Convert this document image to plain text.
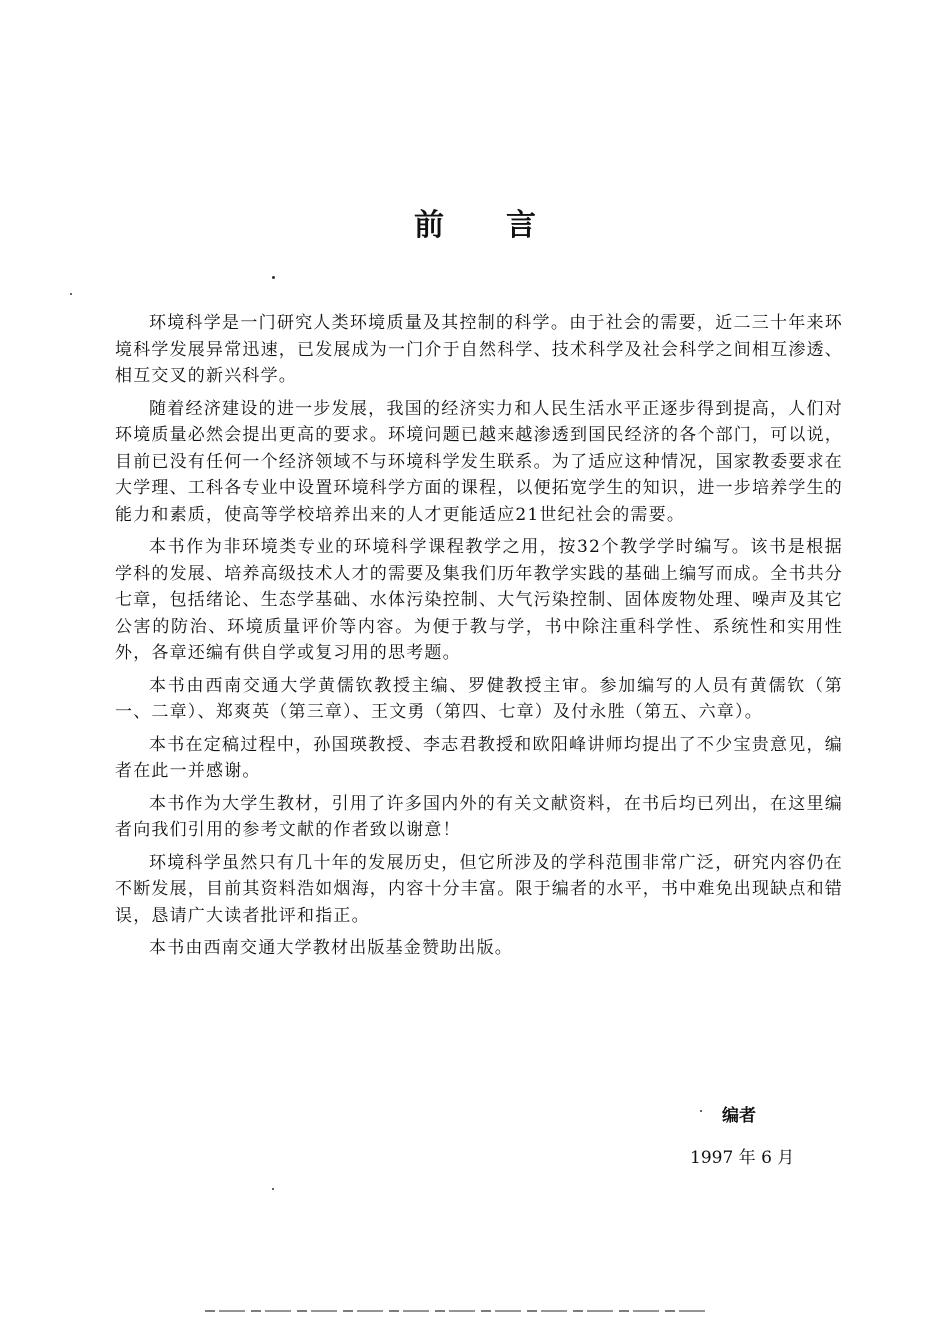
前言

环境科学是一门研究人类环境质量及其控制的科学。由于社会的需要，近二三十年来环境科学发展异常迅速，已发展成为一门介于自然科学、技术科学及社会科学之间相互渗透、相互交叉的新兴科学。

随着经济建设的进一步发展，我国的经济实力和人民生活水平正逐步得到提高，人们对环境质量必然会提出更高的要求。环境问题已越来越渗透到国民经济的各个部门，可以说，目前已没有任何一个经济领域不与环境科学发生联系。为了适应这种情况，国家教委要求在大学理、工科各专业中设置环境科学方面的课程，以便拓宽学生的知识，进一步培养学生的能力和素质，使高等学校培养出来的人才更能适应21世纪社会的需要。

本书作为非环境类专业的环境科学课程教学之用，按32个教学学时编写。该书是根据学科的发展、培养高级技术人才的需要及集我们历年教学实践的基础上编写而成。全书共分七章，包括绪论、生态学基础、水体污染控制、大气污染控制、固体废物处理、噪声及其它公害的防治、环境质量评价等内容。为便于教与学，书中除注重科学性、系统性和实用性外，各章还编有供自学或复习用的思考题。

本书由西南交通大学黄儒钦教授主编、罗健教授主审。参加编写的人员有黄儒钦（第一、二章）、郑爽英（第三章）、王文勇（第四、七章）及付永胜（第五、六章）。

本书在定稿过程中，孙国瑛教授、李志君教授和欧阳峰讲师均提出了不少宝贵意见，编者在此一并感谢。

本书作为大学生教材，引用了许多国内外的有关文献资料，在书后均已列出，在这里编者向我们引用的参考文献的作者致以谢意！

环境科学虽然只有几十年的发展历史，但它所涉及的学科范围非常广泛，研究内容仍在不断发展，目前其资料浩如烟海，内容十分丰富。限于编者的水平，书中难免出现缺点和错误，恳请广大读者批评和指正。

本书由西南交通大学教材出版基金赞助出版。

编者

1997 年 6 月
